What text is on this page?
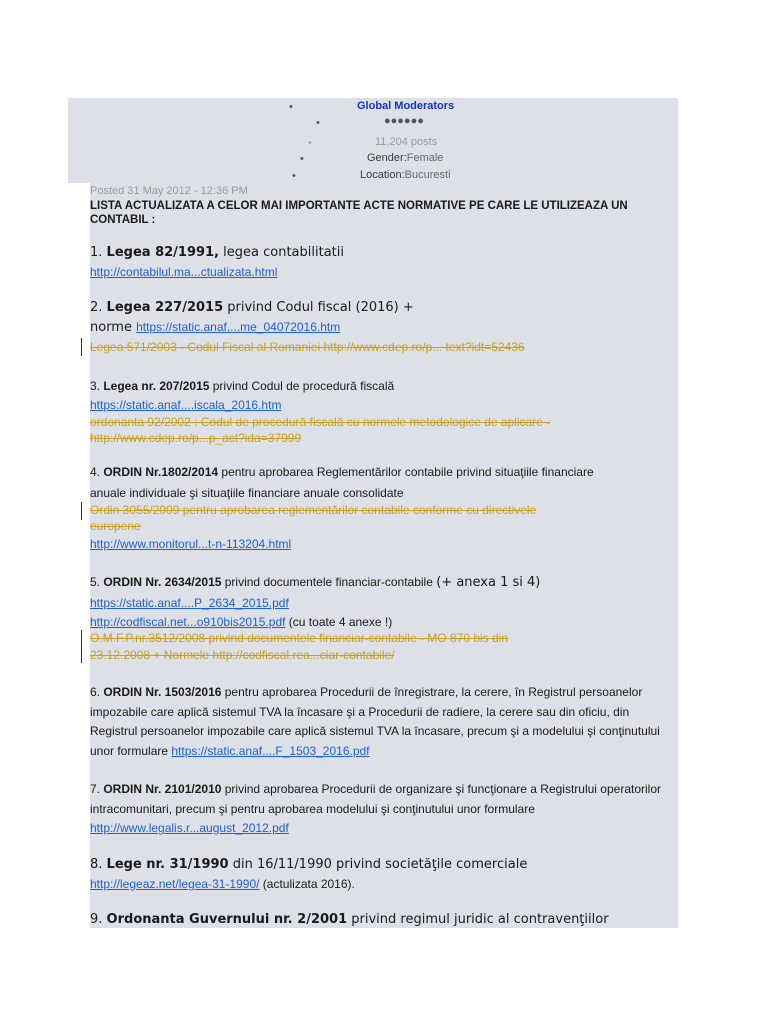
•	Global Moderators
•	●●●●●●
•	11,204 posts
•	Gender:Female
•	Location:Bucuresti
Posted 31 May 2012 - 12:36 PM
LISTA ACTUALIZATA A CELOR MAI IMPORTANTE ACTE NORMATIVE PE CARE LE UTILIZEAZA UN CONTABIL :
1. Legea 82/1991, legea contabilitatii
http://contabilul.ma...ctualizata.html
2. Legea 227/2015 privind Codul fiscal (2016) +
norme https://static.anaf....me_04072016.htm
Legea 571/2003 - Codul Fiscal al Romaniei http://www.cdep.ro/p... text?idt=52436
3. Legea nr. 207/2015 privind Codul de procedură fiscală
https://static.anaf....iscala_2016.htm
ordonanta 92/2002 : Codul de procedură fiscală cu normele metodologice de aplicare -
http://www.cdep.ro/p...p_act?ida=37999
4. ORDIN Nr.1802/2014 pentru aprobarea Reglementărilor contabile privind situaţiile financiare
anuale individuale şi situaţiile financiare anuale consolidate
Ordin 3055/2009 pentru aprobarea reglementărilor contabile conforme cu directivele
europene
http://www.monitorul...t-n-113204.html
5. ORDIN Nr. 2634/2015 privind documentele financiar-contabile (+ anexa 1 si 4)
https://static.anaf....P_2634_2015.pdf
http://codfiscal.net...o910bis2015.pdf (cu toate 4 anexe !)
O.M.F.P.nr.3512/2008 privind documentele financiar-contabile - MO 870 bis din
23.12.2008 + Normele http://codfiscal.rea...ciar-contabile/
6. ORDIN Nr. 1503/2016 pentru aprobarea Procedurii de înregistrare, la cerere, în Registrul persoanelor impozabile care aplică sistemul TVA la încasare şi a Procedurii de radiere, la cerere sau din oficiu, din Registrul persoanelor impozabile care aplică sistemul TVA la încasare, precum şi a modelului şi conţinutului unor formulare https://static.anaf....F_1503_2016.pdf
7. ORDIN Nr. 2101/2010 privind aprobarea Procedurii de organizare şi funcţionare a Registrului operatorilor intracomunitari, precum şi pentru aprobarea modelului şi conţinutului unor formulare
http://www.legalis.r...august_2012.pdf
8. Lege nr. 31/1990 din 16/11/1990 privind societăţile comerciale
http://legeaz.net/legea-31-1990/ (actulizata 2016).
9. Ordonanta Guvernului nr. 2/2001 privind regimul juridic al contravenţiilor
